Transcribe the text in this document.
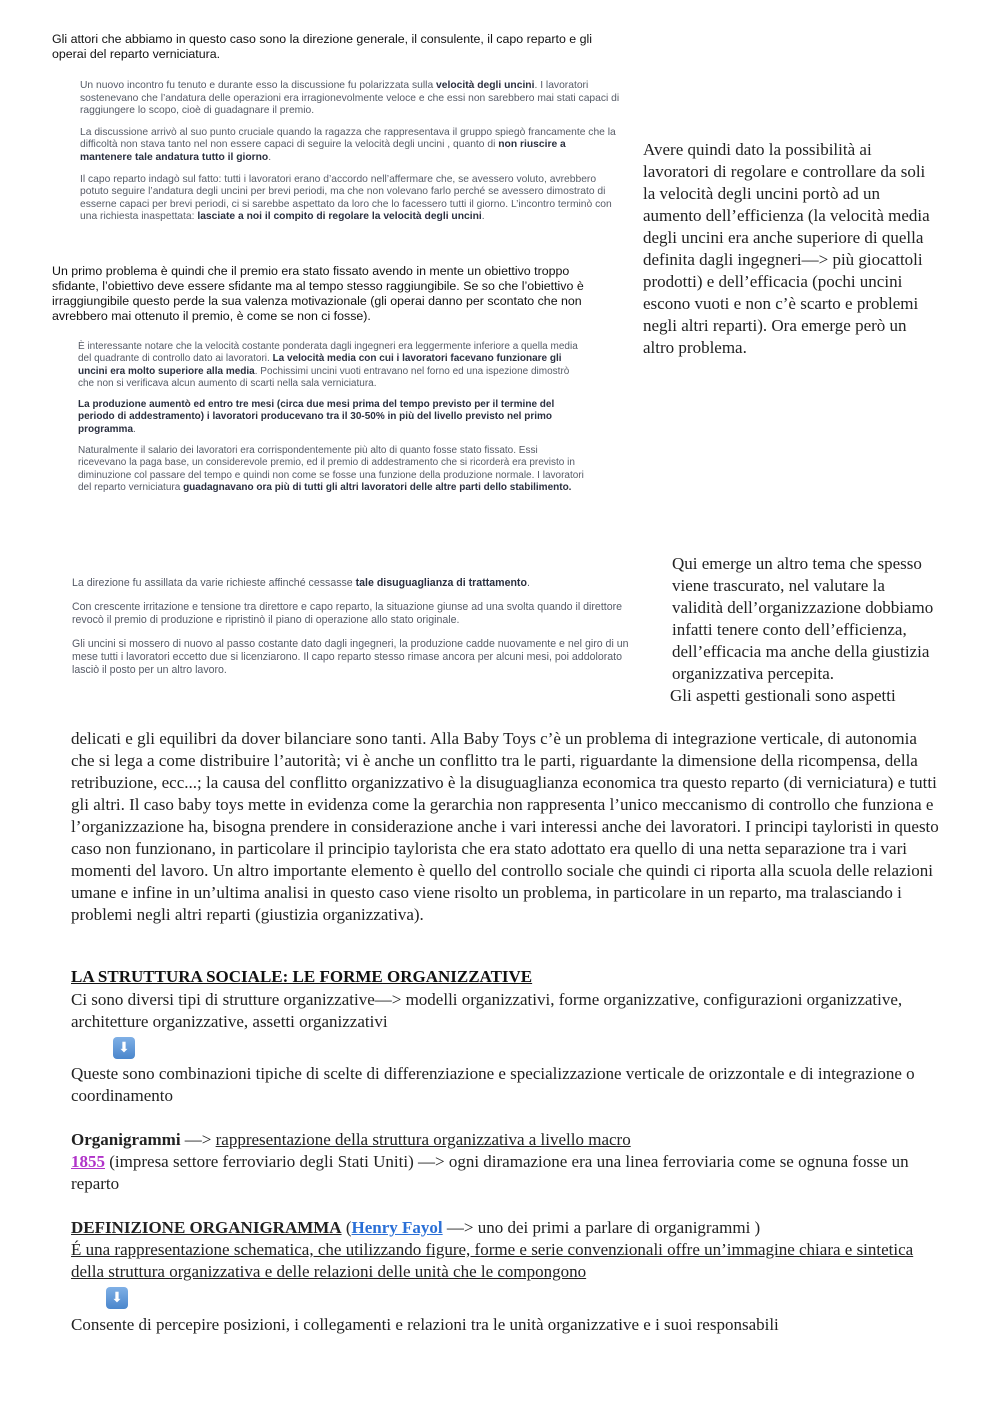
Gli attori che abbiamo in questo caso sono la direzione generale, il consulente, il capo reparto e gli operai del reparto verniciatura.

Un nuovo incontro fu tenuto e durante esso la discussione fu polarizzata sulla velocità degli uncini. I lavoratori sostenevano che l’andatura delle operazioni era irragionevolmente veloce e che essi non sarebbero mai stati capaci di raggiungere lo scopo, cioè di guadagnare il premio.

La discussione arrivò al suo punto cruciale quando la ragazza che rappresentava il gruppo spiegò francamente che la difficoltà non stava tanto nel non essere capaci di seguire la velocità degli uncini , quanto di non riuscire a mantenere tale andatura tutto il giorno.

Il capo reparto indagò sul fatto: tutti i lavoratori erano d’accordo nell’affermare che, se avessero voluto, avrebbero potuto seguire l’andatura degli uncini per brevi periodi, ma che non volevano farlo perché se avessero dimostrato di esserne capaci per brevi periodi, ci si sarebbe aspettato da loro che lo facessero tutti il giorno. L’incontro terminò con una richiesta inaspettata: lasciate a noi il compito di regolare la velocità degli uncini.

Un primo problema è quindi che il premio era stato fissato avendo in mente un obiettivo troppo sfidante, l’obiettivo deve essere sfidante ma al tempo stesso raggiungibile. Se so che l’obiettivo è irraggiungibile questo perde la sua valenza motivazionale (gli operai danno per scontato che non avrebbero mai ottenuto il premio, è come se non ci fosse).

È interessante notare che la velocità costante ponderata dagli ingegneri era leggermente inferiore a quella media del quadrante di controllo dato ai lavoratori. La velocità media con cui i lavoratori facevano funzionare gli uncini era molto superiore alla media. Pochissimi uncini vuoti entravano nel forno ed una ispezione dimostrò che non si verificava alcun aumento di scarti nella sala verniciatura.

La produzione aumentò ed entro tre mesi (circa due mesi prima del tempo previsto per il termine del periodo di addestramento) i lavoratori producevano tra il 30-50% in più del livello previsto nel primo programma.

Naturalmente il salario dei lavoratori era corrispondentemente più alto di quanto fosse stato fissato. Essi ricevevano la paga base, un considerevole premio, ed il premio di addestramento che si ricorderà era previsto in diminuzione col passare del tempo e quindi non come se fosse una funzione della produzione normale. I lavoratori del reparto verniciatura guadagnavano ora più di tutti gli altri lavoratori delle altre parti dello stabilimento.

Avere quindi dato la possibilità ai lavoratori di regolare e controllare da soli la velocità degli uncini portò ad un aumento dell’efficienza (la velocità media degli uncini era anche superiore di quella definita dagli ingegneri—> più giocattoli prodotti) e dell’efficacia (pochi uncini escono vuoti e non c’è scarto e problemi negli altri reparti). Ora emerge però un altro problema.

La direzione fu assillata da varie richieste affinché cessasse tale disuguaglianza di trattamento.

Con crescente irritazione e tensione tra direttore e capo reparto, la situazione giunse ad una svolta quando il direttore revocò il premio di produzione e ripristinò il piano di operazione allo stato originale.

Gli uncini si mossero di nuovo al passo costante dato dagli ingegneri, la produzione cadde nuovamente e nel giro di un mese tutti i lavoratori eccetto due si licenziarono. Il capo reparto stesso rimase ancora per alcuni mesi, poi addolorato lasciò il posto per un altro lavoro.

Qui emerge un altro tema che spesso viene trascurato, nel valutare la validità dell’organizzazione dobbiamo infatti tenere conto dell’efficienza, dell’efficacia ma anche della giustizia organizzativa percepita.
Gli aspetti gestionali sono aspetti
delicati e gli equilibri da dover bilanciare sono tanti. Alla Baby Toys c’è un problema di integrazione verticale, di autonomia che si lega a come distribuire l’autorità; vi è anche un conflitto tra le parti, riguardante la dimensione della ricompensa, della retribuzione, ecc...; la causa del conflitto organizzativo è la disuguaglianza economica tra questo reparto (di verniciatura) e tutti gli altri. Il caso baby toys mette in evidenza come la gerarchia non rappresenta l’unico meccanismo di controllo che funziona e l’organizzazione ha, bisogna prendere in considerazione anche i vari interessi anche dei lavoratori. I principi tayloristi in questo caso non funzionano, in particolare il principio taylorista che era stato adottato era quello di una netta separazione tra i vari momenti del lavoro. Un altro importante elemento è quello del controllo sociale che quindi ci riporta alla scuola delle relazioni umane e infine in un’ultima analisi in questo caso viene risolto un problema, in particolare in un reparto, ma tralasciando i problemi negli altri reparti (giustizia organizzativa).
LA STRUTTURA SOCIALE: LE FORME ORGANIZZATIVE
Ci sono diversi tipi di strutture organizzative—> modelli organizzativi, forme organizzative, configurazioni organizzative, architetture organizzative, assetti organizzativi
⬇
Queste sono combinazioni tipiche di scelte di differenziazione e specializzazione verticale de orizzontale e di integrazione o coordinamento
Organigrammi —> rappresentazione della struttura organizzativa a livello macro
1855 (impresa settore ferroviario degli Stati Uniti) —> ogni diramazione era una linea ferroviaria come se ognuna fosse un reparto
DEFINIZIONE ORGANIGRAMMA (Henry Fayol —> uno dei primi a parlare di organigrammi )
É una rappresentazione schematica, che utilizzando figure, forme e serie convenzionali offre un’immagine chiara e sintetica della struttura organizzativa e delle relazioni delle unità che le compongono
⬇
Consente di percepire posizioni, i collegamenti e relazioni tra le unità organizzative e i suoi responsabili
